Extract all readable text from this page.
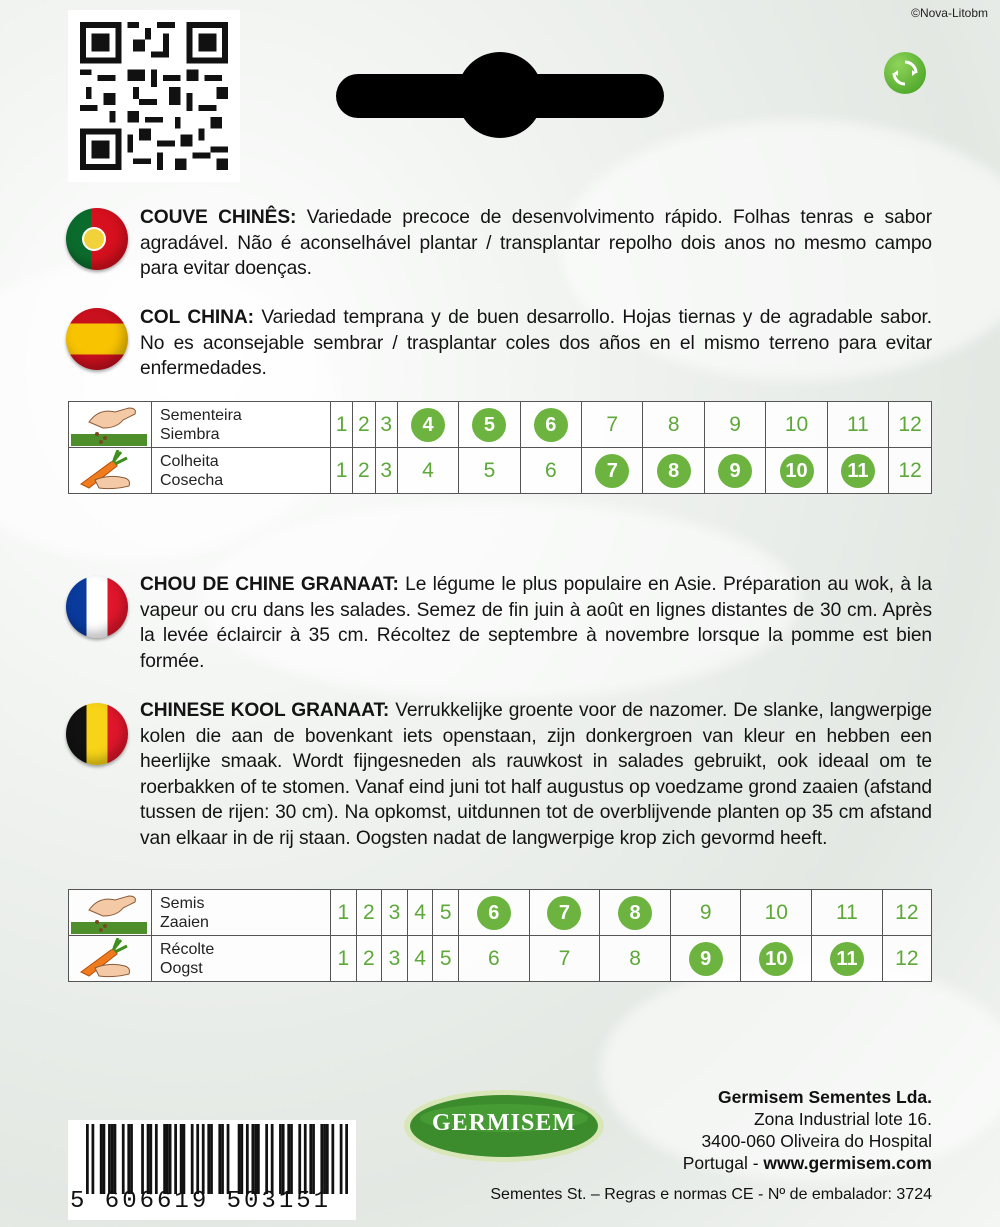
©Nova-Litobm
COUVE CHINÊS: Variedade precoce de desenvolvimento rápido. Folhas tenras e sabor agradável. Não é aconselhável plantar / transplantar repolho dois anos no mesmo campo para evitar doenças.
COL CHINA: Variedad temprana y de buen desarrollo. Hojas tiernas y de agradable sabor. No es aconsejable sembrar / trasplantar coles dos años en el mismo terreno para evitar enfermedades.
CHOU DE CHINE GRANAAT: Le légume le plus populaire en Asie. Préparation au wok, à la vapeur ou cru dans les salades. Semez de fin juin à août en lignes distantes de 30 cm. Après la levée éclaircir à 35 cm. Récoltez de septembre à novembre lorsque la pomme est bien formée.
CHINESE KOOL GRANAAT: Verrukkelijke groente voor de nazomer. De slanke, langwerpige kolen die aan de bovenkant iets openstaan, zijn donkergroen van kleur en hebben een heerlijke smaak. Wordt fijngesneden als rauwkost in salades gebruikt, ook ideaal om te roerbakken of te stomen. Vanaf eind juni tot half augustus op voedzame grond zaaien (afstand tussen de rijen: 30 cm). Na opkomst, uitdunnen tot de overblijvende planten op 35 cm afstand van elkaar in de rij staan. Oogsten nadat de langwerpige krop zich gevormd heeft.
	Sementeira
Siembra	1	2	3	4	5	6	7	8	9	10	11	12

	Colheita
Cosecha	1	2	3	4	5	6	7	8	9	10	11	12
	Semis
Zaaien	1	2	3	4	5	6	7	8	9	10	11	12

	Récolte
Oogst	1	2	3	4	5	6	7	8	9	10	11	12
5 606619 503151
GERMISEM
Germisem Sementes Lda.
Zona Industrial lote 16.
3400-060 Oliveira do Hospital
Portugal - www.germisem.com
Sementes St. – Regras e normas CE - Nº de embalador: 3724
